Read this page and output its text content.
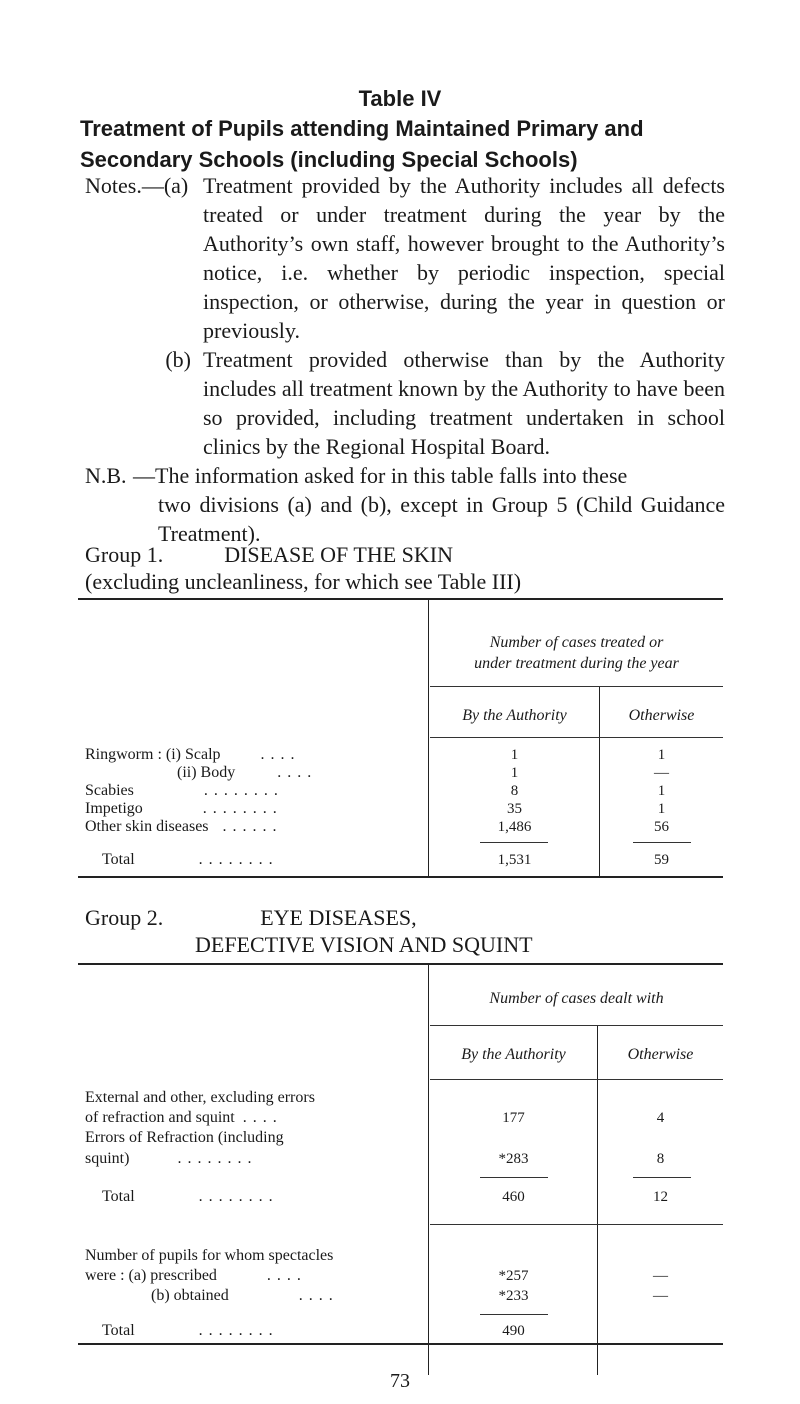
Table IV
Treatment of Pupils attending Maintained Primary and Secondary Schools (including Special Schools)
Notes.—(a) Treatment provided by the Authority includes all defects treated or under treatment during the year by the Authority’s own staff, however brought to the Authority’s notice, i.e. whether by periodic inspection, special inspection, or otherwise, during the year in question or previously.
(b) Treatment provided otherwise than by the Authority includes all treatment known by the Authority to have been so provided, including treatment undertaken in school clinics by the Regional Hospital Board.
N.B. —The information asked for in this table falls into these
two divisions (a) and (b), except in Group 5 (Child Guidance Treatment).
Group 1.	DISEASE OF THE SKIN
(excluding uncleanliness, for which see Table III)
Number of cases treated or
under treatment during the year
By the Authority	Otherwise
Ringworm : (i) Scalp	. . . .	1	1
(ii) Body	. . . .	1	—
Scabies	. . . . . . . .	8	1
Impetigo	. . . . . . . .	35	1
Other skin diseases . . . . . .	1,486	56
Total	. . . . . . . .	1,531	59
Group 2.	EYE DISEASES,
DEFECTIVE VISION AND SQUINT
Number of cases dealt with
By the Authority	Otherwise
External and other, excluding errors
of refraction and squint . . . .	177	4
Errors of Refraction (including
squint)	. . . . . . . .	*283	8
Total	. . . . . . . .	460	12
Number of pupils for whom spectacles
were : (a) prescribed	. . . .	*257	—
(b) obtained	. . . .	*233	—
Total	. . . . . . . .	490
73
